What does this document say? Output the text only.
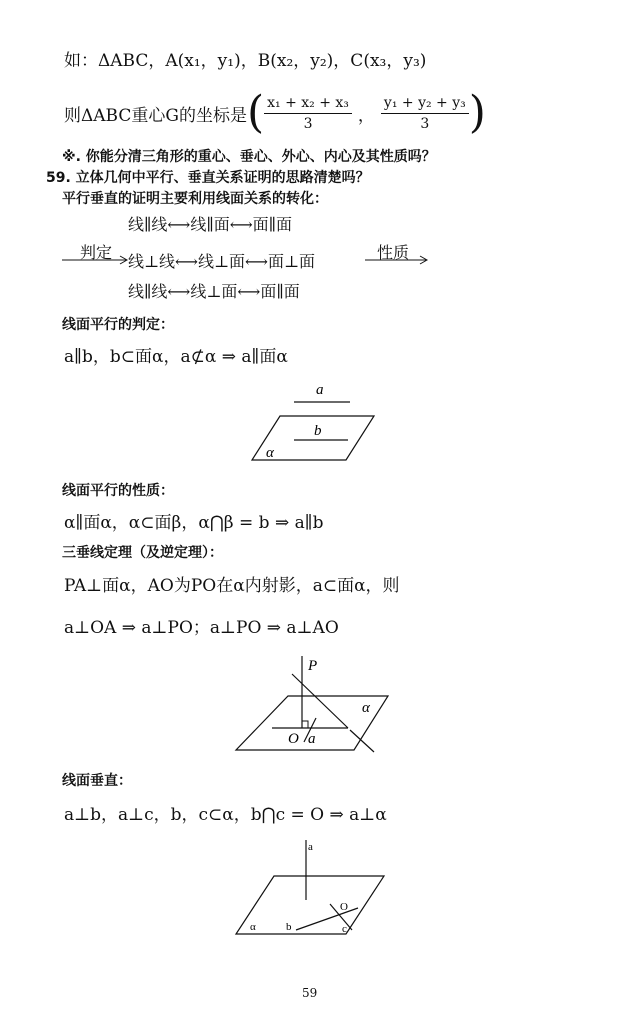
如：ΔABC，A(x₁，y₁)，B(x₂，y₂)，C(x₃，y₃)
则ΔABC重心G的坐标是 ( $\frac{\text{x₁ + x₂ + x₃}}{3}$ ， $\frac{\text{y₁ + y₂ + y₃}}{3}$ )
※. 你能分清三角形的重心、垂心、外心、内心及其性质吗？
59. 立体几何中平行、垂直关系证明的思路清楚吗？
平行垂直的证明主要利用线面关系的转化：
线∥线⟷线∥面⟷面∥面
线⊥线⟷线⊥面⟷面⊥面
线∥线⟷线⊥面⟷面∥面
判定	性质
线面平行的判定：
a∥b，b⊂面α，a⊄α ⇒ a∥面α
a
b
α
线面平行的性质：
α∥面α，α⊂面β，α⋂β = b ⇒ a∥b
三垂线定理（及逆定理）：
PA⊥面α，AO为PO在α内射影，a⊂面α，则
a⊥OA ⇒ a⊥PO；a⊥PO ⇒ a⊥AO
P
α
O a
线面垂直：
a⊥b，a⊥c，b，c⊂α，b⋂c = O ⇒ a⊥α
a
O
α	b	c
59
